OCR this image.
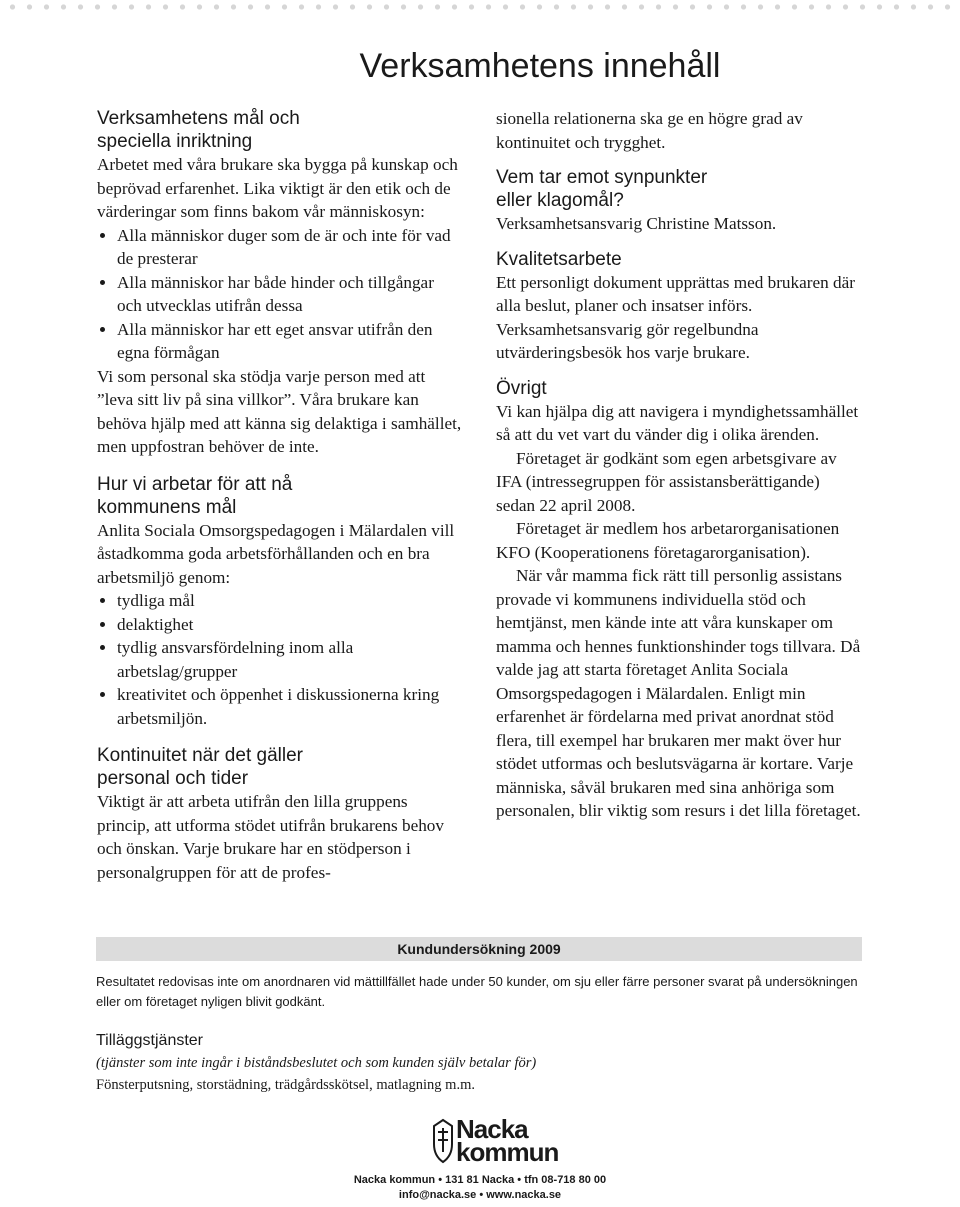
Verksamhetens innehåll
Verksamhetens mål och
speciella inriktning

Arbetet med våra brukare ska bygga på kunskap och beprövad erfarenhet. Lika viktigt är den etik och de värderingar som finns bakom vår människosyn:

Alla människor duger som de är och inte för vad de presterar
Alla människor har både hinder och tillgångar och utvecklas utifrån dessa
Alla människor har ett eget ansvar utifrån den egna förmågan

Vi som personal ska stödja varje person med att ”leva sitt liv på sina villkor”. Våra brukare kan behöva hjälp med att känna sig delaktiga i samhället, men uppfostran behöver de inte.

Hur vi arbetar för att nå
kommunens mål

Anlita Sociala Omsorgspedagogen i Mälardalen vill åstadkomma goda arbetsförhållanden och en bra arbetsmiljö genom:

tydliga mål
delaktighet
tydlig ansvarsfördelning inom alla arbetslag/grupper
kreativitet och öppenhet i diskussionerna kring arbetsmiljön.
Kontinuitet när det gäller
personal och tider

Viktigt är att arbeta utifrån den lilla gruppens princip, att utforma stödet utifrån brukarens behov och önskan. Varje brukare har en stödperson i personalgruppen för att de profes-

sionella relationerna ska ge en högre grad av kontinuitet och trygghet.

Vem tar emot synpunkter
eller klagomål?

Verksamhetsansvarig Christine Matsson.

Kvalitetsarbete

Ett personligt dokument upprättas med brukaren där alla beslut, planer och insatser införs. Verksamhetsansvarig gör regelbundna utvärderingsbesök hos varje brukare.

Övrigt

Vi kan hjälpa dig att navigera i myndighetssamhället så att du vet vart du vänder dig i olika ärenden.

Företaget är godkänt som egen arbetsgivare av IFA (intressegruppen för assistansberättigande) sedan 22 april 2008.

Företaget är medlem hos arbetarorganisationen KFO (Kooperationens företagarorganisation).

När vår mamma fick rätt till personlig assistans provade vi kommunens individuella stöd och hemtjänst, men kände inte att våra kunskaper om mamma och hennes funktionshinder togs tillvara. Då valde jag att starta företaget Anlita Sociala Omsorgspedagogen i Mälardalen. Enligt min erfarenhet är fördelarna med privat anordnat stöd flera, till exempel har brukaren mer makt över hur stödet utformas och beslutsvägarna är kortare. Varje människa, såväl brukaren med sina anhöriga som personalen, blir viktig som resurs i det lilla företaget.

Kundundersökning 2009
Resultatet redovisas inte om anordnaren vid mättillfället hade under 50 kunder, om sju eller färre personer svarat på undersökningen eller om företaget nyligen blivit godkänt.
Tilläggstjänster
(tjänster som inte ingår i biståndsbeslutet och som kunden själv betalar för)
Fönsterputsning, storstädning, trädgårdsskötsel, matlagning m.m.
Nacka
kommun
Nacka kommun • 131 81 Nacka • tfn 08-718 80 00
info@nacka.se • www.nacka.se
